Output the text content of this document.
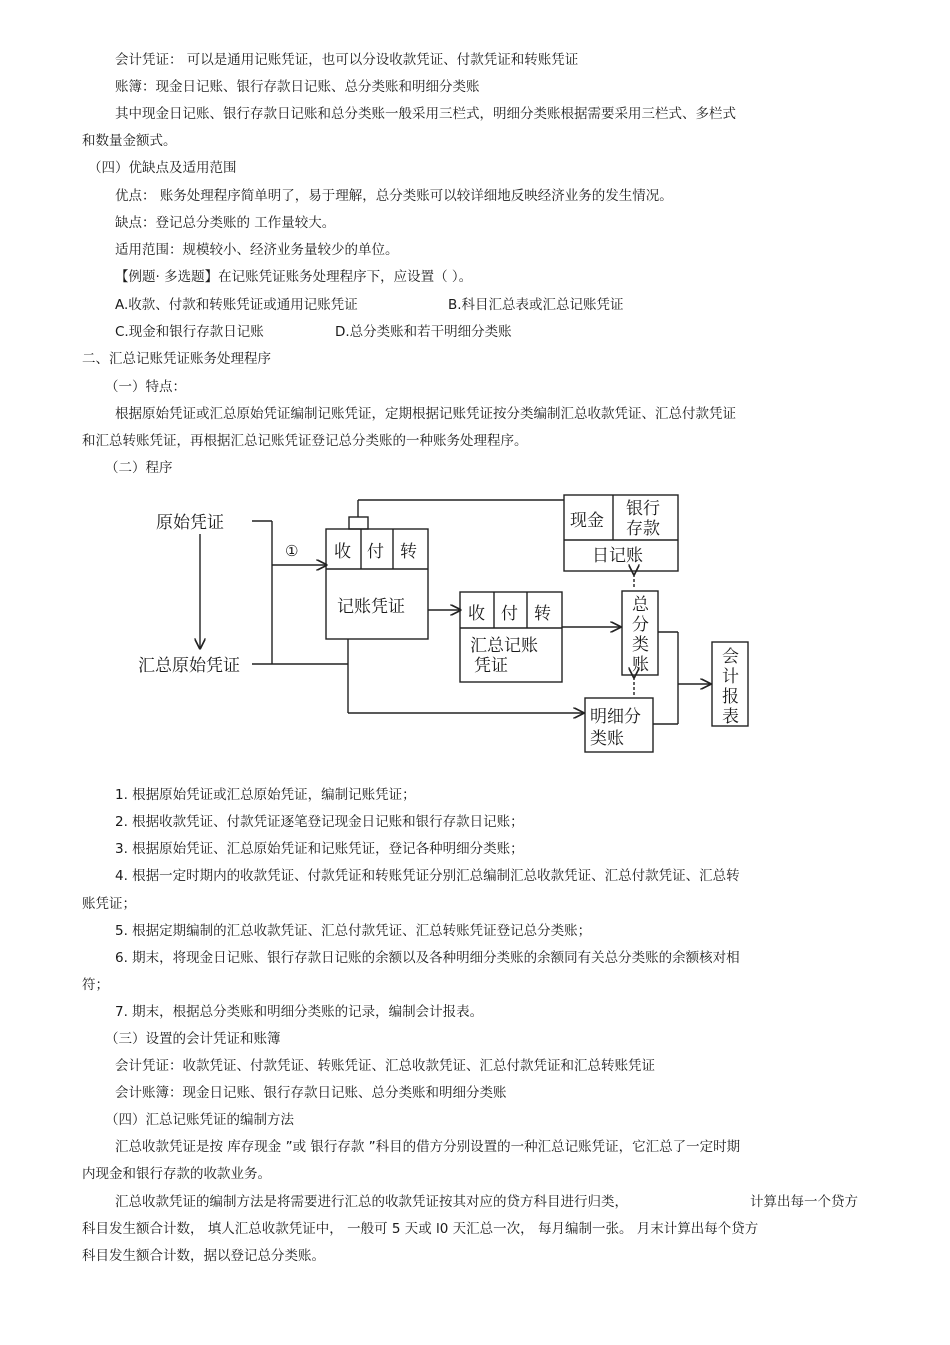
会计凭证： 可以是通用记账凭证，也可以分设收款凭证、付款凭证和转账凭证
账簿：现金日记账、银行存款日记账、总分类账和明细分类账
其中现金日记账、银行存款日记账和总分类账一般采用三栏式，明细分类账根据需要采用三栏式、多栏式
和数量金额式。
（四）优缺点及适用范围
优点： 账务处理程序简单明了，易于理解，总分类账可以较详细地反映经济业务的发生情况。
缺点：登记总分类账的 工作量较大。
适用范围：规模较小、经济业务量较少的单位。
【例题· 多选题】在记账凭证账务处理程序下，应设置（ ）。
A.收款、付款和转账凭证或通用记账凭证	B.科目汇总表或汇总记账凭证
C.现金和银行存款日记账	D.总分类账和若干明细分类账
二、汇总记账凭证账务处理程序
（一）特点：
根据原始凭证或汇总原始凭证编制记账凭证，定期根据记账凭证按分类编制汇总收款凭证、汇总付款凭证
和汇总转账凭证，再根据汇总记账凭证登记总分类账的一种账务处理程序。
（二）程序
原始凭证
汇总原始凭证
① 收 付 转
记账凭证	收 付 转
汇总记账
凭证
现金
银行
存款
日记账
总
分
类
账
明细分
类账
会
计
报
表
1. 根据原始凭证或汇总原始凭证，编制记账凭证；
2. 根据收款凭证、付款凭证逐笔登记现金日记账和银行存款日记账；
3. 根据原始凭证、汇总原始凭证和记账凭证，登记各种明细分类账；
4. 根据一定时期内的收款凭证、付款凭证和转账凭证分别汇总编制汇总收款凭证、汇总付款凭证、汇总转
账凭证；
5. 根据定期编制的汇总收款凭证、汇总付款凭证、汇总转账凭证登记总分类账；
6. 期末，将现金日记账、银行存款日记账的余额以及各种明细分类账的余额同有关总分类账的余额核对相
符；
7. 期末，根据总分类账和明细分类账的记录，编制会计报表。
（三）设置的会计凭证和账簿
会计凭证：收款凭证、付款凭证、转账凭证、汇总收款凭证、汇总付款凭证和汇总转账凭证
会计账簿：现金日记账、银行存款日记账、总分类账和明细分类账
（四）汇总记账凭证的编制方法
汇总收款凭证是按 库存现金 ”或 银行存款 ”科目的借方分别设置的一种汇总记账凭证，它汇总了一定时期
内现金和银行存款的收款业务。
汇总收款凭证的编制方法是将需要进行汇总的收款凭证按其对应的贷方科目进行归类，	计算出每一个贷方
科目发生额合计数， 填人汇总收款凭证中， 一般可 5 天或 l0 天汇总一次， 每月编制一张。 月末计算出每个贷方
科目发生额合计数，据以登记总分类账。
